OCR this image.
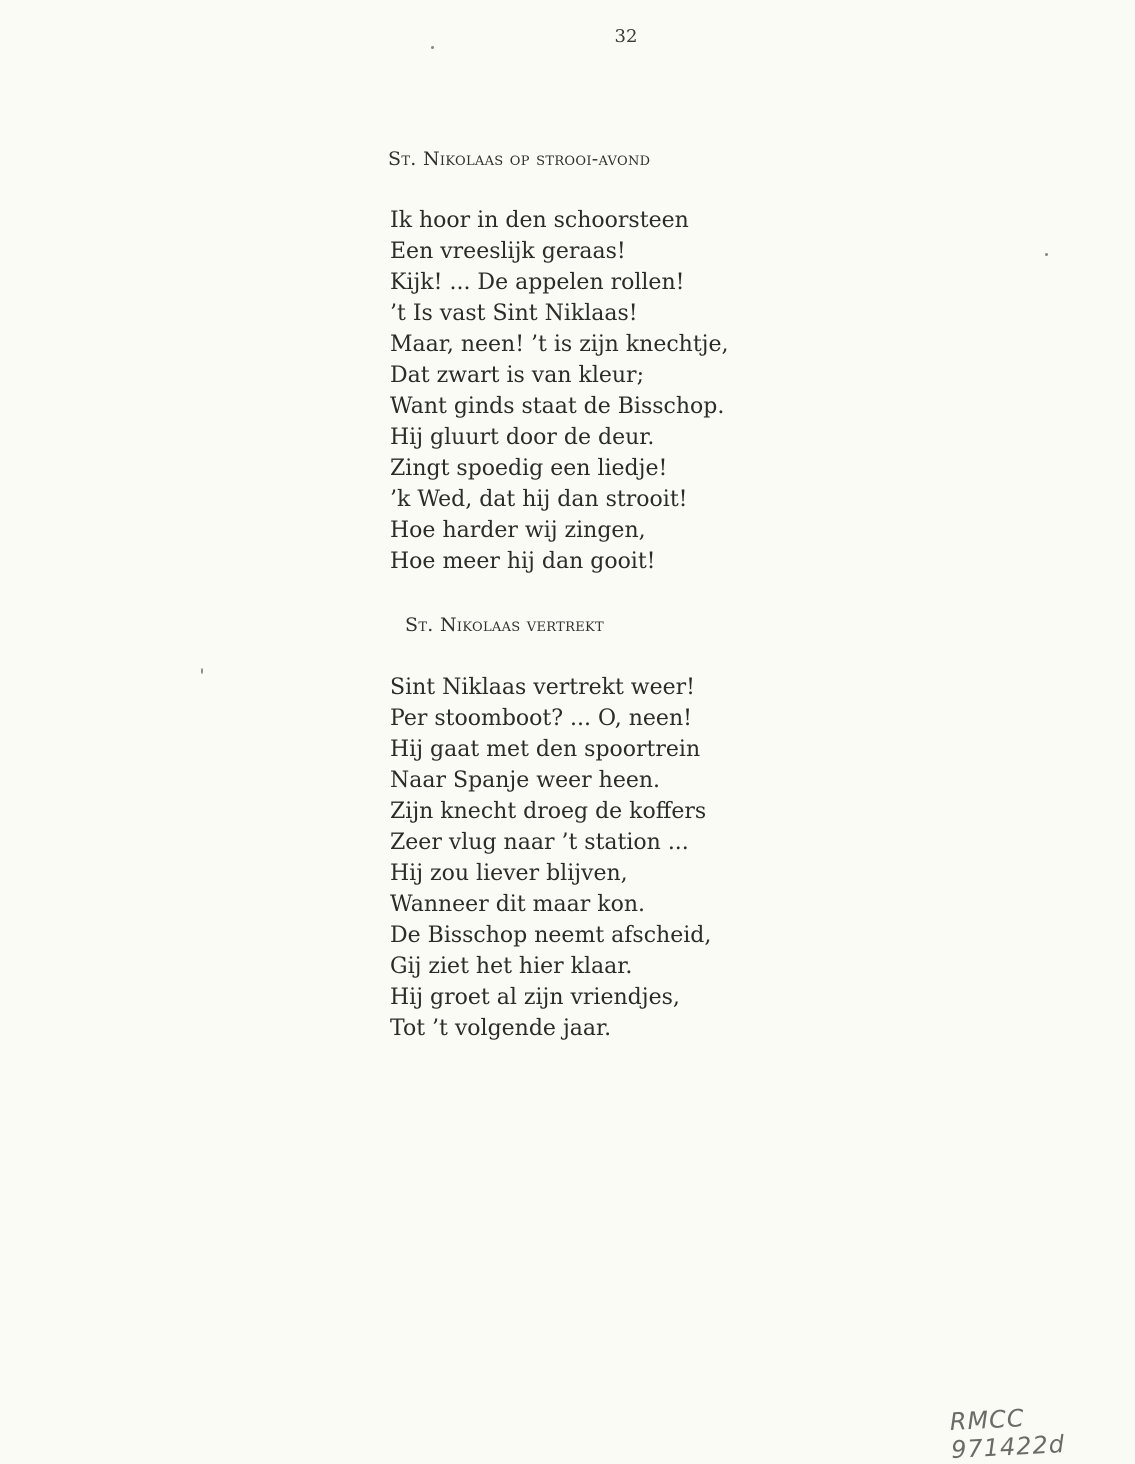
32
St. Nikolaas op strooi-avond
Ik hoor in den schoorsteen
Een vreeslijk geraas!
Kijk! ... De appelen rollen!
’t Is vast Sint Niklaas!
Maar, neen! ’t is zijn knechtje,
Dat zwart is van kleur;
Want ginds staat de Bisschop.
Hij gluurt door de deur.
Zingt spoedig een liedje!
’k Wed, dat hij dan strooit!
Hoe harder wij zingen,
Hoe meer hij dan gooit!
St. Nikolaas vertrekt
Sint Niklaas vertrekt weer!
Per stoomboot? ... O, neen!
Hij gaat met den spoortrein
Naar Spanje weer heen.
Zijn knecht droeg de koffers
Zeer vlug naar ’t station ...
Hij zou liever blijven,
Wanneer dit maar kon.
De Bisschop neemt afscheid,
Gij ziet het hier klaar.
Hij groet al zijn vriendjes,
Tot ’t volgende jaar.
RMCC 971422d
